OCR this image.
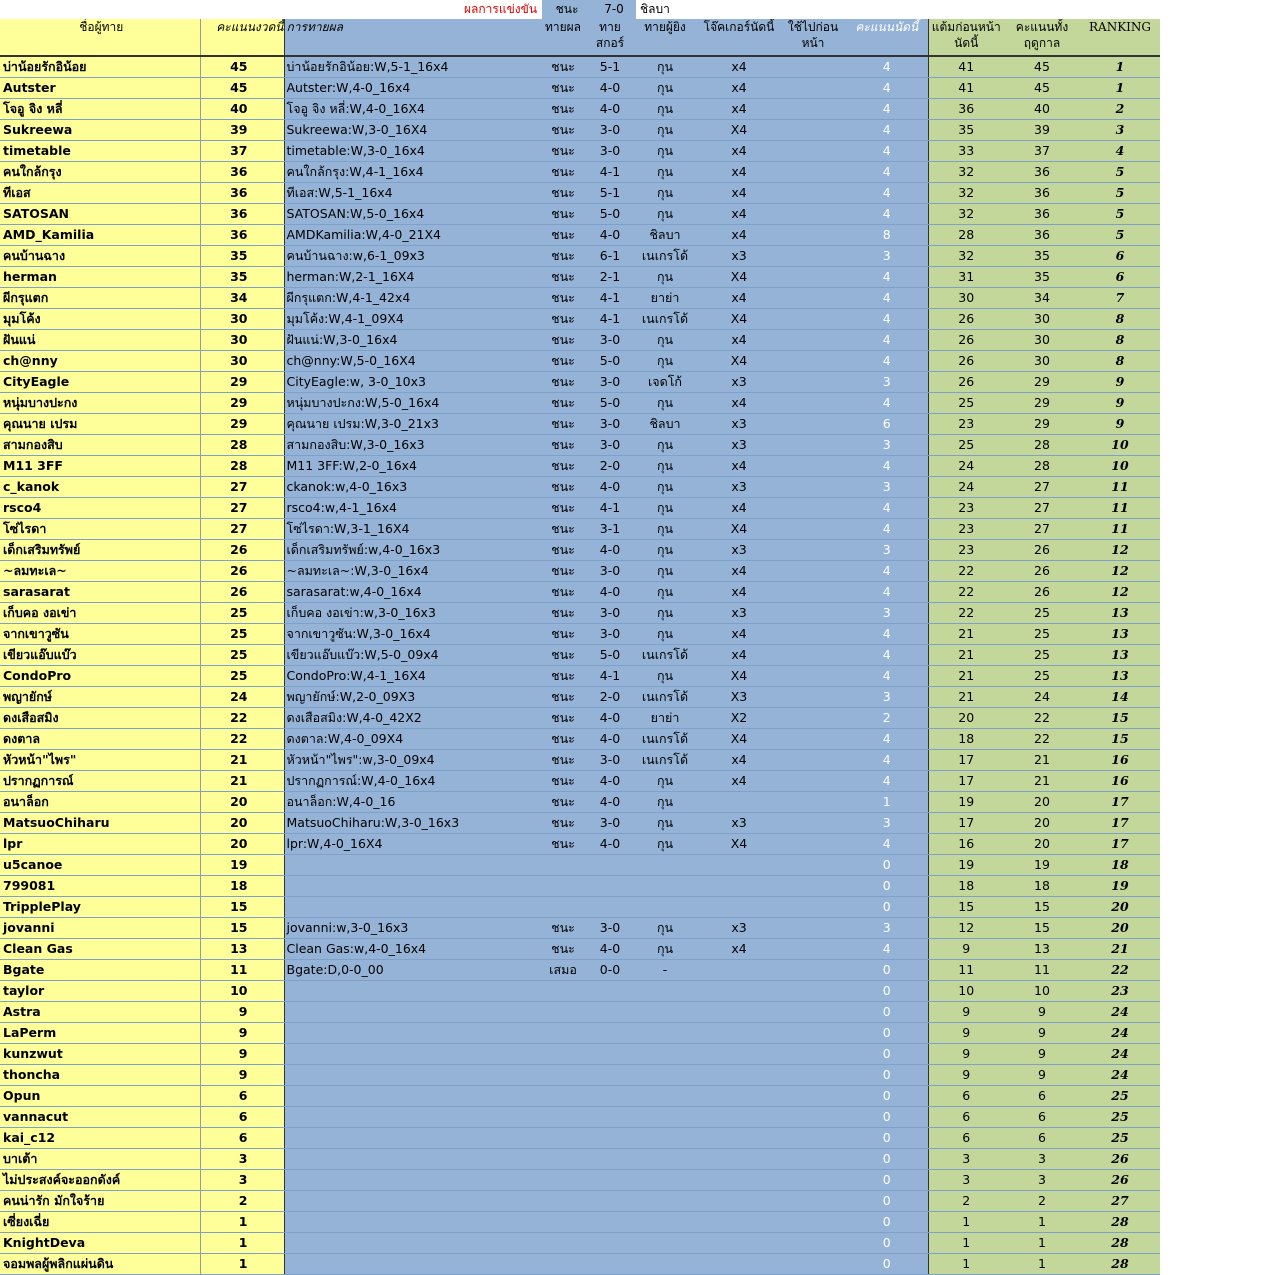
ผลการแข่งขัน	ชนะ	7-0	ชิลบา
ชื่อผู้ทาย	คะแนนงวดนี้	การทายผล	ทายผล	ทาย สกอร์	ทายผู้ยิง	โจ๊คเกอร์นัดนี้	ใช้ไปก่อนหน้า	คะแนนนัดนี้	แต้มก่อนหน้านัดนี้	คะแนนทั้งฤดูกาล	RANKING
บ่าน้อยรักอิน้อย	45	บ่าน้อยรักอิน้อย:W,5-1_16x4	ชนะ	5-1	กุน	x4		4	41	45	1
Autster	45	Autster:W,4-0_16x4	ชนะ	4-0	กุน	x4		4	41	45	1
โจอู จิง หลี่	40	โจอู จิง หลี่:W,4-0_16X4	ชนะ	4-0	กุน	x4		4	36	40	2
Sukreewa	39	Sukreewa:W,3-0_16X4	ชนะ	3-0	กุน	X4		4	35	39	3
timetable	37	timetable:W,3-0_16x4	ชนะ	3-0	กุน	x4		4	33	37	4
คนใกล้กรุง	36	คนใกล้กรุง:W,4-1_16x4	ชนะ	4-1	กุน	x4		4	32	36	5
ทีเอส	36	ทีเอส:W,5-1_16x4	ชนะ	5-1	กุน	x4		4	32	36	5
SATOSAN	36	SATOSAN:W,5-0_16x4	ชนะ	5-0	กุน	x4		4	32	36	5
AMD_Kamilia	36	AMDKamilia:W,4-0_21X4	ชนะ	4-0	ชิลบา	x4		8	28	36	5
คนบ้านฉาง	35	คนบ้านฉาง:w,6-1_09x3	ชนะ	6-1	เนเกรโด้	x3		3	32	35	6
herman	35	herman:W,2-1_16X4	ชนะ	2-1	กุน	X4		4	31	35	6
ผีกรุแตก	34	ผีกรุแตก:W,4-1_42x4	ชนะ	4-1	ยาย่า	x4		4	30	34	7
มุมโค้ง	30	มุมโค้ง:W,4-1_09X4	ชนะ	4-1	เนเกรโด้	X4		4	26	30	8
ฝันแน่	30	ฝันแน่:W,3-0_16x4	ชนะ	3-0	กุน	x4		4	26	30	8
ch@nny	30	ch@nny:W,5-0_16X4	ชนะ	5-0	กุน	X4		4	26	30	8
CityEagle	29	CityEagle:w, 3-0_10x3	ชนะ	3-0	เจดโก้	x3		3	26	29	9
หนุ่มบางปะกง	29	หนุ่มบางปะกง:W,5-0_16x4	ชนะ	5-0	กุน	x4		4	25	29	9
คุณนาย เปรม	29	คุณนาย เปรม:W,3-0_21x3	ชนะ	3-0	ชิลบา	x3		6	23	29	9
สามกองสิบ	28	สามกองสิบ:W,3-0_16x3	ชนะ	3-0	กุน	x3		3	25	28	10
M11 3FF	28	M11 3FF:W,2-0_16x4	ชนะ	2-0	กุน	x4		4	24	28	10
c_kanok	27	ckanok:w,4-0_16x3	ชนะ	4-0	กุน	x3		3	24	27	11
rsco4	27	rsco4:w,4-1_16x4	ชนะ	4-1	กุน	x4		4	23	27	11
โซ่ไรดา	27	โซ่ไรดา:W,3-1_16X4	ชนะ	3-1	กุน	X4		4	23	27	11
เด็กเสริมทรัพย์	26	เด็กเสริมทรัพย์:w,4-0_16x3	ชนะ	4-0	กุน	x3		3	23	26	12
~ลมทะเล~	26	~ลมทะเล~:W,3-0_16x4	ชนะ	3-0	กุน	x4		4	22	26	12
sarasarat	26	sarasarat:w,4-0_16x4	ชนะ	4-0	กุน	x4		4	22	26	12
เก็บคอ งอเข่า	25	เก็บคอ งอเข่า:w,3-0_16x3	ชนะ	3-0	กุน	x3		3	22	25	13
จากเขาวูซัน	25	จากเขาวูซัน:W,3-0_16x4	ชนะ	3-0	กุน	x4		4	21	25	13
เขียวแอ๊บแบ๊ว	25	เขียวแอ๊บแบ๊ว:W,5-0_09x4	ชนะ	5-0	เนเกรโด้	x4		4	21	25	13
CondoPro	25	CondoPro:W,4-1_16X4	ชนะ	4-1	กุน	X4		4	21	25	13
พญายักษ์	24	พญายักษ์:W,2-0_09X3	ชนะ	2-0	เนเกรโด้	X3		3	21	24	14
ดงเสือสมิง	22	ดงเสือสมิง:W,4-0_42X2	ชนะ	4-0	ยาย่า	X2		2	20	22	15
ดงตาล	22	ดงตาล:W,4-0_09X4	ชนะ	4-0	เนเกรโด้	X4		4	18	22	15
หัวหน้า"ไพร"	21	หัวหน้า"ไพร":w,3-0_09x4	ชนะ	3-0	เนเกรโด้	x4		4	17	21	16
ปรากฏการณ์	21	ปรากฏการณ์:W,4-0_16x4	ชนะ	4-0	กุน	x4		4	17	21	16
อนาล็อก	20	อนาล็อก:W,4-0_16	ชนะ	4-0	กุน			1	19	20	17
MatsuoChiharu	20	MatsuoChiharu:W,3-0_16x3	ชนะ	3-0	กุน	x3		3	17	20	17
lpr	20	lpr:W,4-0_16X4	ชนะ	4-0	กุน	X4		4	16	20	17
u5canoe	19							0	19	19	18
799081	18							0	18	18	19
TripplePlay	15							0	15	15	20
jovanni	15	jovanni:w,3-0_16x3	ชนะ	3-0	กุน	x3		3	12	15	20
Clean Gas	13	Clean Gas:w,4-0_16x4	ชนะ	4-0	กุน	x4		4	9	13	21
Bgate	11	Bgate:D,0-0_00	เสมอ	0-0	-			0	11	11	22
taylor	10							0	10	10	23
Astra	9							0	9	9	24
LaPerm	9							0	9	9	24
kunzwut	9							0	9	9	24
thoncha	9							0	9	9	24
Opun	6							0	6	6	25
vannacut	6							0	6	6	25
kai_c12	6							0	6	6	25
บาเต้า	3							0	3	3	26
ไม่ประสงค์จะออกดังค์	3							0	3	3	26
คนน่ารัก มักใจร้าย	2							0	2	2	27
เซี่ยงเฉี่ย	1							0	1	1	28
KnightDeva	1							0	1	1	28
จอมพลผู้พลิกแผ่นดิน	1							0	1	1	28
